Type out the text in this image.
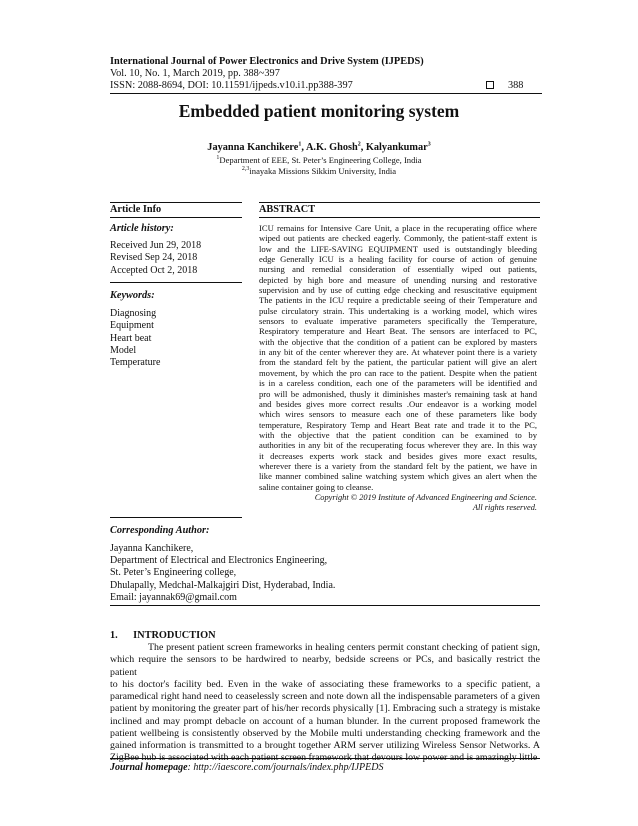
International Journal of Power Electronics and Drive System (IJPEDS)
Vol. 10, No. 1, March 2019, pp. 388~397
ISSN: 2088-8694, DOI: 10.11591/ijpeds.v10.i1.pp388-397	388
Embedded patient monitoring system
Jayanna Kanchikere$^1$, A.K. Ghosh$^2$, Kalyankumar$^3$
$^1$Department of EEE, St. Peter’s Engineering College, India
$^{2,3}$inayaka Missions Sikkim University, India
Article Info
Article history:
Received Jun 29, 2018
Revised Sep 24, 2018
Accepted Oct 2, 2018
Keywords:
Diagnosing
Equipment
Heart beat
Model
Temperature
ABSTRACT
ICU remains for Intensive Care Unit, a place in the recuperating office where
wiped out patients are checked eagerly. Commonly, the patient-staff extent is
low and the LIFE-SAVING EQUIPMENT used is outstandingly bleeding
edge Generally ICU is a healing facility for course of action of genuine
nursing and remedial consideration of essentially wiped out patients,
depicted by high bore and measure of unending nursing and restorative
supervision and by use of cutting edge checking and resuscitative equipment
The patients in the ICU require a predictable seeing of their Temperature and
pulse circulatory strain. This undertaking is a working model, which wires
sensors to evaluate imperative parameters specifically the Temperature,
Respiratory temperature and Heart Beat. The sensors are interfaced to PC,
with the objective that the condition of a patient can be explored by masters
in any bit of the center wherever they are. At whatever point there is a variety
from the standard felt by the patient, the particular patient will give an alert
movement, by which the pro can race to the patient. Despite when the patient
is in a careless condition, each one of the parameters will be identified and
pro will be admonished, thusly it diminishes master's remaining task at hand
and besides gives more correct results .Our endeavor is a working model
which wires sensors to measure each one of these parameters like body
temperature, Respiratory Temp and Heart Beat rate and trade it to the PC,
with the objective that the patient condition can be examined to by
authorities in any bit of the recuperating focus wherever they are. In this way
it decreases experts work stack and besides gives more exact results,
wherever there is a variety from the standard felt by the patient, we have in
like manner combined saline watching system which gives an alert when the
saline container going to cleanse.
Copyright © 2019 Institute of Advanced Engineering and Science.
All rights reserved.
Corresponding Author:
Jayanna Kanchikere,
Department of Electrical and Electronics Engineering,
St. Peter’s Engineering college,
Dhulapally, Medchal-Malkajgiri Dist, Hyderabad, India.
Email: jayannak69@gmail.com
1.      INTRODUCTION
The present patient screen frameworks in healing centers permit constant checking of patient sign,
which require the sensors to be hardwired to nearby, bedside screens or PCs, and basically restrict the patient
to his doctor's facility bed. Even in the wake of associating these frameworks to a specific patient, a
paramedical right hand need to ceaselessly screen and note down all the indispensable parameters of a given
patient by monitoring the greater part of his/her records physically [1]. Embracing such a strategy is mistake
inclined and may prompt debacle on account of a human blunder. In the current proposed framework the
patient wellbeing is consistently observed by the Mobile multi understanding checking framework and the
gained information is transmitted to a brought together ARM server utilizing Wireless Sensor Networks. A
ZigBee hub is associated with each patient screen framework that devours low power and is amazingly little
Journal homepage: http://iaescore.com/journals/index.php/IJPEDS
